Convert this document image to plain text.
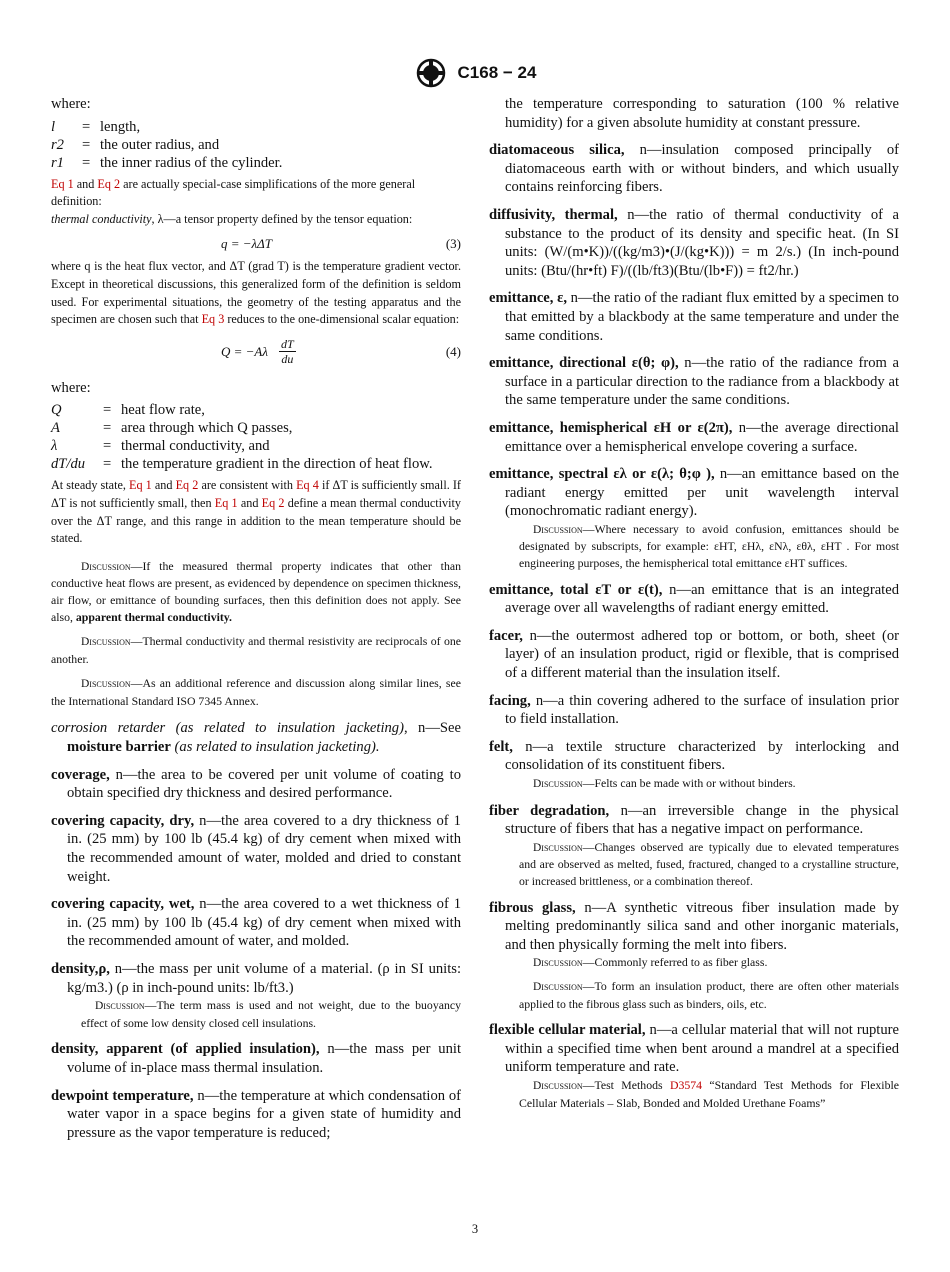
C168 − 24

where:

l	= length,
r2	= the outer radius, and
r1	= the inner radius of the cylinder.

Eq 1 and Eq 2 are actually special-case simplifications of the more general definition:

thermal conductivity, λ—a tensor property defined by the tensor equation:

q = −λΔT	(3)

where q is the heat flux vector, and ΔT (grad T) is the temperature gradient vector. Except in theoretical discussions, this generalized form of the definition is seldom used. For experimental situations, the geometry of the testing apparatus and the specimen are chosen such that Eq 3 reduces to the one-dimensional scalar equation:

$Q = -A\lambda \frac{dT}{du}$	(4)

where:

Q	= heat flow rate,
A	= area through which Q passes,
λ	= thermal conductivity, and
dT/du	= the temperature gradient in the direction of heat flow.

At steady state, Eq 1 and Eq 2 are consistent with Eq 4 if ΔT is sufficiently small. If ΔT is not sufficiently small, then Eq 1 and Eq 2 define a mean thermal conductivity over the ΔT range, and this range in addition to the mean temperature should be stated.

Discussion—If the measured thermal property indicates that other than conductive heat flows are present, as evidenced by dependence on specimen thickness, air flow, or emittance of bounding surfaces, then this definition does not apply. See also, apparent thermal conductivity.

Discussion—Thermal conductivity and thermal resistivity are reciprocals of one another.

Discussion—As an additional reference and discussion along similar lines, see the International Standard ISO 7345 Annex.

corrosion retarder (as related to insulation jacketing), n—See moisture barrier (as related to insulation jacketing).
coverage, n—the area to be covered per unit volume of coating to obtain specified dry thickness and desired performance.
covering capacity, dry, n—the area covered to a dry thickness of 1 in. (25 mm) by 100 lb (45.4 kg) of dry cement when mixed with the recommended amount of water, molded and dried to constant weight.
covering capacity, wet, n—the area covered to a wet thickness of 1 in. (25 mm) by 100 lb (45.4 kg) of dry cement when mixed with the recommended amount of water, and molded.
density,ρ, n—the mass per unit volume of a material. (ρ in SI units: kg/m3.) (ρ in inch-pound units: lb/ft3.)
Discussion—The term mass is used and not weight, due to the buoyancy effect of some low density closed cell insulations.
density, apparent (of applied insulation), n—the mass per unit volume of in-place mass thermal insulation.
dewpoint temperature, n—the temperature at which condensation of water vapor in a space begins for a given state of humidity and pressure as the vapor temperature is reduced;

the temperature corresponding to saturation (100 % relative humidity) for a given absolute humidity at constant pressure.

diatomaceous silica, n—insulation composed principally of diatomaceous earth with or without binders, and which usually contains reinforcing fibers.
diffusivity, thermal, n—the ratio of thermal conductivity of a substance to the product of its density and specific heat. (In SI units: (W/(m•K))/((kg/m3)•(J/(kg•K))) = m 2/s.) (In inch-pound units: (Btu/(hr•ft) F)/((lb/ft3)(Btu/(lb•F)) = ft2/hr.)
emittance, ε, n—the ratio of the radiant flux emitted by a specimen to that emitted by a blackbody at the same temperature and under the same conditions.
emittance, directional ε(θ; φ), n—the ratio of the radiance from a surface in a particular direction to the radiance from a blackbody at the same temperature under the same conditions.
emittance, hemispherical εH or ε(2π), n—the average directional emittance over a hemispherical envelope covering a surface.
emittance, spectral ελ or ε(λ; θ;φ ), n—an emittance based on the radiant energy emitted per unit wavelength interval (monochromatic radiant energy).
Discussion—Where necessary to avoid confusion, emittances should be designated by subscripts, for example: εHT, εHλ, εNλ, εθλ, εHT . For most engineering purposes, the hemispherical total emittance εHT suffices.
emittance, total εT or ε(t), n—an emittance that is an integrated average over all wavelengths of radiant energy emitted.
facer, n—the outermost adhered top or bottom, or both, sheet (or layer) of an insulation product, rigid or flexible, that is comprised of a different material than the insulation itself.
facing, n—a thin covering adhered to the surface of insulation prior to field installation.
felt, n—a textile structure characterized by interlocking and consolidation of its constituent fibers.
Discussion—Felts can be made with or without binders.
fiber degradation, n—an irreversible change in the physical structure of fibers that has a negative impact on performance.
Discussion—Changes observed are typically due to elevated temperatures and are observed as melted, fused, fractured, changed to a crystalline structure, or increased brittleness, or a combination thereof.
fibrous glass, n—A synthetic vitreous fiber insulation made by melting predominantly silica sand and other inorganic materials, and then physically forming the melt into fibers.
Discussion—Commonly referred to as fiber glass.
Discussion—To form an insulation product, there are often other materials applied to the fibrous glass such as binders, oils, etc.
flexible cellular material, n—a cellular material that will not rupture within a specified time when bent around a mandrel at a specified uniform temperature and rate.
Discussion—Test Methods D3574 “Standard Test Methods for Flexible Cellular Materials – Slab, Bonded and Molded Urethane Foams”
3
